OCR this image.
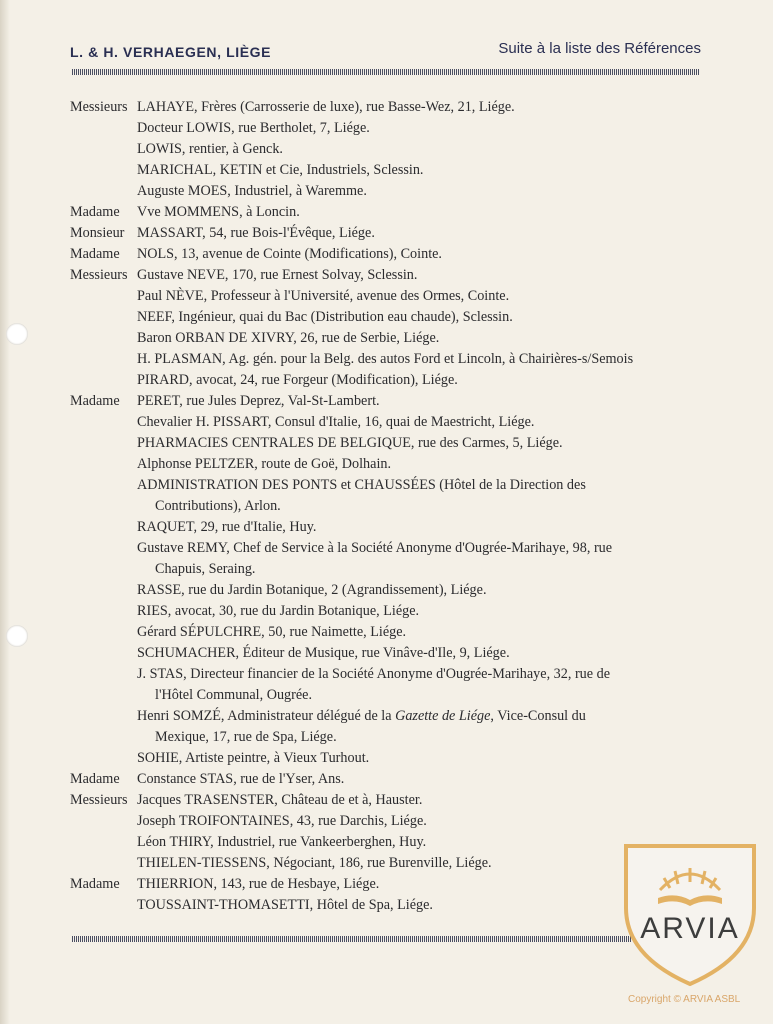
L. & H. VERHAEGEN, LIÈGE	Suite à la liste des Références
Messieurs LAHAYE, Frères (Carrosserie de luxe), rue Basse-Wez, 21, Liége.
Docteur LOWIS, rue Bertholet, 7, Liége.
LOWIS, rentier, à Genck.
MARICHAL, KETIN et Cie, Industriels, Sclessin.
Auguste MOES, Industriel, à Waremme.
Madame	Vve MOMMENS, à Loncin.
Monsieur MASSART, 54, rue Bois-l'Évêque, Liége.
Madame	NOLS, 13, avenue de Cointe (Modifications), Cointe.
Messieurs Gustave NEVE, 170, rue Ernest Solvay, Sclessin.
Paul NÈVE, Professeur à l'Université, avenue des Ormes, Cointe.
NEEF, Ingénieur, quai du Bac (Distribution eau chaude), Sclessin.
Baron ORBAN DE XIVRY, 26, rue de Serbie, Liége.
H. PLASMAN, Ag. gén. pour la Belg. des autos Ford et Lincoln, à Chairières-s/Semois
PIRARD, avocat, 24, rue Forgeur (Modification), Liége.
Madame	PERET, rue Jules Deprez, Val-St-Lambert.
Chevalier H. PISSART, Consul d'Italie, 16, quai de Maestricht, Liége.
PHARMACIES CENTRALES DE BELGIQUE, rue des Carmes, 5, Liége.
Alphonse PELTZER, route de Goë, Dolhain.
ADMINISTRATION DES PONTS et CHAUSSÉES (Hôtel de la Direction des
Contributions), Arlon.
RAQUET, 29, rue d'Italie, Huy.
Gustave REMY, Chef de Service à la Société Anonyme d'Ougrée-Marihaye, 98, rue
Chapuis, Seraing.
RASSE, rue du Jardin Botanique, 2 (Agrandissement), Liége.
RIES, avocat, 30, rue du Jardin Botanique, Liége.
Gérard SÉPULCHRE, 50, rue Naimette, Liége.
SCHUMACHER, Éditeur de Musique, rue Vinâve-d'Ile, 9, Liége.
J. STAS, Directeur financier de la Société Anonyme d'Ougrée-Marihaye, 32, rue de
l'Hôtel Communal, Ougrée.
Henri SOMZÉ, Administrateur délégué de la Gazette de Liége, Vice-Consul du
Mexique, 17, rue de Spa, Liége.
SOHIE, Artiste peintre, à Vieux Turhout.
Madame	Constance STAS, rue de l'Yser, Ans.
Messieurs Jacques TRASENSTER, Château de et à, Hauster.
Joseph TROIFONTAINES, 43, rue Darchis, Liége.
Léon THIRY, Industriel, rue Vankeerberghen, Huy.
THIELEN-TIESSENS, Négociant, 186, rue Burenville, Liége.
Madame	THIERRION, 143, rue de Hesbaye, Liége.
TOUSSAINT-THOMASETTI, Hôtel de Spa, Liége.
ARVIA
Copyright © ARVIA ASBL
